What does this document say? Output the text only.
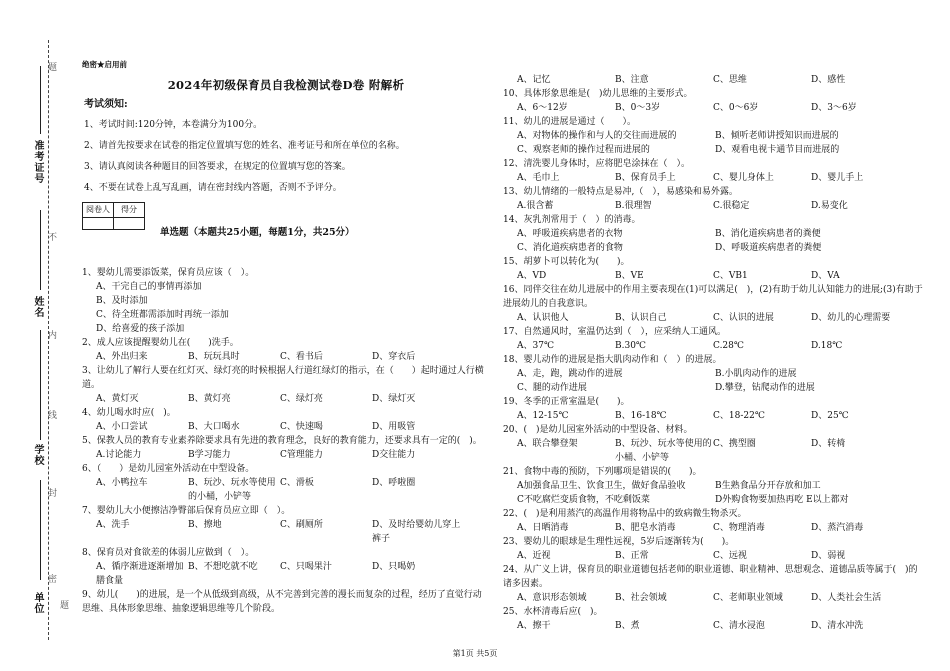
题
不
内
线
封
密
题
准考证号
姓名
学校
单位
绝密★启用前
2024年初级保育员自我检测试卷D卷 附解析
考试须知:
1、考试时间:120分钟，本卷满分为100分。
2、请首先按要求在试卷的指定位置填写您的姓名、准考证号和所在单位的名称。
3、请认真阅读各种题目的回答要求，在规定的位置填写您的答案。
4、不要在试卷上乱写乱画，请在密封线内答题，否则不予评分。
阅卷人	得分

单选题（本题共25小题，每题1分，共25分）
1、婴幼儿需要添饭菜，保育员应该（　）。
A、干完自己的事情再添加
B、及时添加
C、待全班都需添加时再统一添加
D、给喜爱的孩子添加
2、成人应该提醒婴幼儿在(　　)洗手。
A、外出归来	B、玩玩具时	C、看书后	D、穿衣后
3、让幼儿了解行人要在红灯灭、绿灯亮的时候根据人行道红绿灯的指示，在（　　）起时通过人行横道。
A、黄灯灭	B、黄灯亮	C、绿灯亮	D、绿灯灭
4、幼儿喝水时应(　)。
A、小口尝试	B、大口喝水	C、快速喝	D、用吸管
5、保教人员的教育专业素养除要求具有先进的教育理念，良好的教育能力，还要求具有一定的(　)。
A.讨论能力	B学习能力	C管理能力	D交往能力
6、（　　）是幼儿园室外活动在中型设备。
A、小鸭拉车	B、玩沙、玩水等使用的小桶，小铲等
C、滑板	D、呼啦圈
7、婴幼儿大小便擦洁净臀部后保育员应立即（　）。
A、洗手	B、擦地	C、刷厕所	D、及时给婴幼儿穿上裤子
8、保育员对食欲差的体弱儿应做到（　）。
A、循序渐进逐渐增加膳食量
B、不想吃就不吃	C、只喝果汁	D、只喝奶
9、幼儿(　　)的进展，是一个从低级到高级，从不完善到完善的漫长而复杂的过程，经历了直觉行动思维、具体形象思维、抽象逻辑思维等几个阶段。
A、记忆	B、注意	C、思维	D、感性
10、具体形象思维是(　)幼儿思维的主要形式。
A、6～12岁	B、0～3岁	C、0～6岁	D、3～6岁
11、幼儿的进展是通过（　　）。
A、对物体的操作和与人的交往而进展的	B、倾听老师讲授知识而进展的
C、观察老师的操作过程而进展的	D、观看电视卡通节目而进展的
12、清洗婴儿身体时，应将肥皂涂抹在（　）。
A、毛巾上	B、保育员手上	C、婴儿身体上	D、婴儿手上
13、幼儿情绪的一般特点是易冲,（　），易感染和易外露。
A.很含蓄	B.很理智	C.很稳定	D.易变化
14、灰乳剂常用于（　）的消毒。
A、呼吸道疾病患者的衣物	B、消化道疾病患者的粪便
C、消化道疾病患者的食物	D、呼吸道疾病患者的粪便
15、胡萝卜可以转化为(　　)。
A、VD	B、VE	C、VB1	D、VA
16、同伴交往在幼儿进展中的作用主要表现在(1)可以满足(　)，(2)有助于幼儿认知能力的进展;(3)有助于进展幼儿的自我意识。
A、认识他人	B、认识自己	C、认识的进展	D、幼儿的心理需要
17、自然通风时，室温仍达到（　），应采纳人工通风。
A、37℃	B.30℃	C.28℃	D.18℃
18、婴儿动作的进展是指大肌肉动作和（　）的进展。
A、走，跑，跳动作的进展	B.小肌肉动作的进展
C、腿的动作进展	D.攀登，钻爬动作的进展
19、冬季的正常室温是(　　)。
A、12-15℃	B、16-18℃	C、18-22℃	D、25℃
20、(　)是幼儿园室外活动的中型设备、材料。
A、联合攀登架	B、玩沙、玩水等使用的小桶、小铲等
C、携型圈	D、转椅
21、食物中毒的预防，下列哪项是错误的(　　)。
A加强食品卫生、饮食卫生，做好食品验收	B生熟食品分开存放和加工
C不吃腐烂变质食物，不吃剩饭菜	D外购食物要加热再吃 E以上都对
22、(　)是利用蒸汽的高温作用将物品中的致病微生物杀灭。
A、日晒消毒	B、肥皂水消毒	C、物理消毒	D、蒸汽消毒
23、婴幼儿的眼球是生理性远视，5岁后逐渐转为(　　)。
A、近视	B、正常	C、远视	D、弱视
24、从广义上讲，保育员的职业道德包括老师的职业道德、职业精神、思想观念、道德品质等属于(　)的诸多因素。
A、意识形态领域	B、社会领域	C、老师职业领域	D、人类社会生活
25、水杯清毒后应(　)。
A、擦干	B、煮	C、清水浸泡	D、清水冲洗
第1页 共5页
